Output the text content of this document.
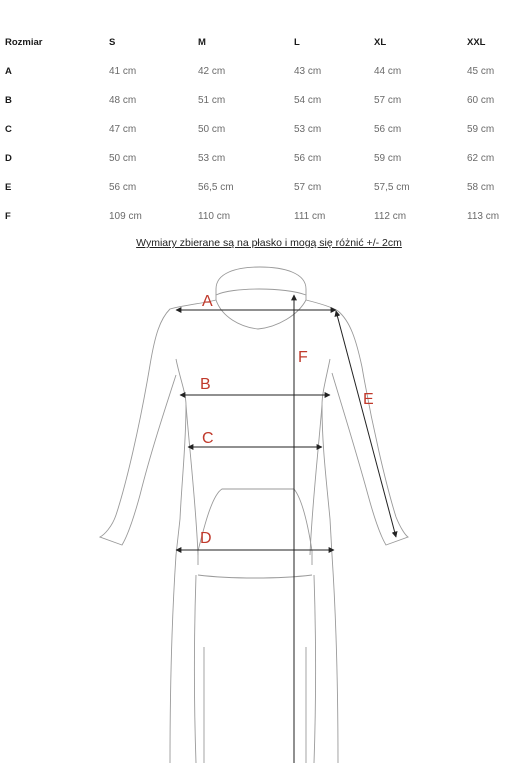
Rozmiar	S	M	L	XL	XXL
A	41 cm	42 cm	43 cm	44 cm	45 cm
B	48 cm	51 cm	54 cm	57 cm	60 cm
C	47 cm	50 cm	53 cm	56 cm	59 cm
D	50 cm	53 cm	56 cm	59 cm	62 cm
E	56 cm	56,5 cm	57 cm	57,5 cm	58 cm
F	109 cm	110 cm	111 cm	112 cm	113 cm
Wymiary zbierane są na płasko i mogą się różnić +/- 2cm
A
B
C
D
E
F
